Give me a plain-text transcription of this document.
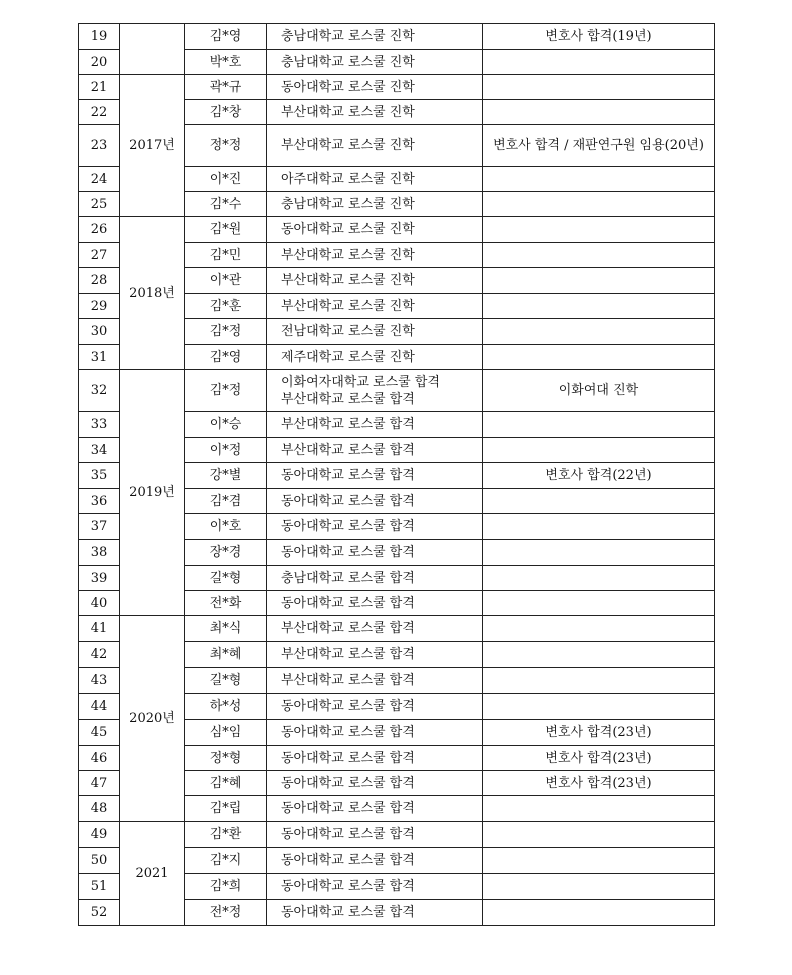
19		김*영	충남대학교 로스쿨 진학	변호사 합격(19년)
20		박*호	충남대학교 로스쿨 진학	

21	2017년	곽*규	동아대학교 로스쿨 진학	

22		김*창	부산대학교 로스쿨 진학	

23		정*정	부산대학교 로스쿨 진학	변호사 합격 / 재판연구원 임용(20년)
24		이*진	아주대학교 로스쿨 진학	

25		김*수	충남대학교 로스쿨 진학	

26	2018년	김*원	동아대학교 로스쿨 진학	

27		김*민	부산대학교 로스쿨 진학	

28		이*관	부산대학교 로스쿨 진학	

29		김*훈	부산대학교 로스쿨 진학	

30		김*정	전남대학교 로스쿨 진학	

31		김*영	제주대학교 로스쿨 진학	

32	2019년	김*정	이화여자대학교 로스쿨 합격
부산대학교 로스쿨 합격	이화여대 진학
33		이*승	부산대학교 로스쿨 합격	

34		이*정	부산대학교 로스쿨 합격	

35		강*별	동아대학교 로스쿨 합격	변호사 합격(22년)
36		김*겸	동아대학교 로스쿨 합격	

37		이*호	동아대학교 로스쿨 합격	

38		장*경	동아대학교 로스쿨 합격	

39		길*형	충남대학교 로스쿨 합격	

40		전*화	동아대학교 로스쿨 합격	

41	2020년	최*식	부산대학교 로스쿨 합격	

42		최*혜	부산대학교 로스쿨 합격	

43		길*형	부산대학교 로스쿨 합격	

44		하*성	동아대학교 로스쿨 합격	

45		심*임	동아대학교 로스쿨 합격	변호사 합격(23년)
46		정*형	동아대학교 로스쿨 합격	변호사 합격(23년)
47		김*혜	동아대학교 로스쿨 합격	변호사 합격(23년)
48		김*립	동아대학교 로스쿨 합격	

49	2021	김*환	동아대학교 로스쿨 합격	

50		김*지	동아대학교 로스쿨 합격	

51		김*희	동아대학교 로스쿨 합격	

52		전*정	동아대학교 로스쿨 합격	
